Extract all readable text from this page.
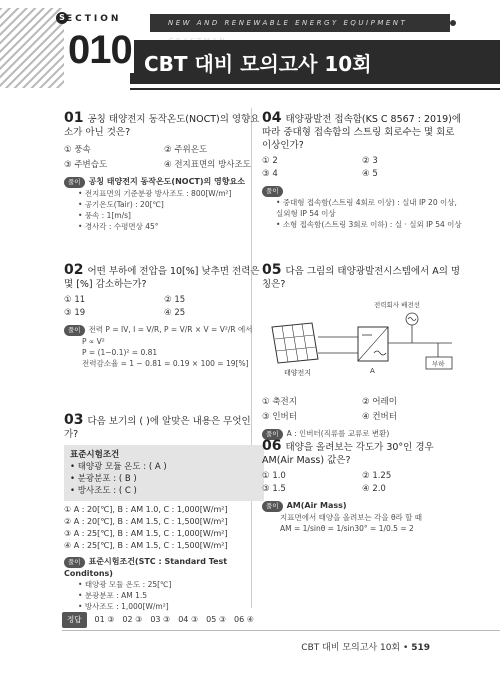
S ECTION	NEW AND RENEWABLE ENERGY EQUIPMENT
010 CBT 대비 모의고사 10회
01 공칭 태양전지 동작온도(NOCT)의 영향요소가 아닌 것은?
① 풍속	② 주위온도
③ 주변습도	④ 전지표면의 방사조도
풀이 공칭 태양전지 동작온도(NOCT)의 영향요소
• 전지표면의 기준분광 방사조도 : 800[W/m²]
• 공기온도(Tair) : 20[℃]
• 풍속 : 1[m/s]
• 경사각 : 수평면상 45°
02 어떤 부하에 전압을 10[%] 낮추면 전력은 몇 [%] 감소하는가?
① 11	② 15
③ 19	④ 25
풀이 전력 P = IV, I = V/R, P = V/R × V = V²/R 에서
P ∝ V²
P = (1−0.1)² = 0.81
전력감소율 = 1 − 0.81 = 0.19 × 100 = 19[%]
03 다음 보기의 ( )에 알맞은 내용은 무엇인가?
표준시험조건
• 태양광 모듈 온도 : ( A )
• 분광분포 : ( B )
• 방사조도 : ( C )
① A : 20[℃], B : AM 1.0, C : 1,000[W/m²]
② A : 20[℃], B : AM 1.5, C : 1,500[W/m²]
③ A : 25[℃], B : AM 1.5, C : 1,000[W/m²]
④ A : 25[℃], B : AM 1.5, C : 1,500[W/m²]
풀이 표준시험조건(STC : Standard Test Conditons)
• 태양광 모듈 온도 : 25[℃]
• 분광분포 : AM 1.5
• 방사조도 : 1,000[W/m²]
04 태양광발전 접속함(KS C 8567 : 2019)에 따라 중대형 접속함의 스트링 회로수는 몇 회로 이상인가?
① 2	② 3
③ 4	④ 5
풀이
• 중대형 접속함(스트링 4회로 이상) : 실내 IP 20 이상, 실외형 IP 54 이상
• 소형 접속함(스트링 3회로 이하) : 실 · 실외 IP 54 이상
05 다음 그림의 태양광발전시스템에서 A의 명칭은?
태양전지	A
전력회사 배전선
부하
① 축전지	② 어레이
③ 인버터	④ 컨버터
풀이 A : 인버터(직류를 교류로 변환)
06 태양을 올려보는 각도가 30°인 경우 AM(Air Mass) 값은?
① 1.0	② 1.25
③ 1.5	④ 2.0
풀이 AM(Air Mass)
지표면에서 태양을 올려보는 각을 θ라 할 때
AM = 1/sinθ = 1/sin30° = 1/0.5 = 2
정답	01 ③ 02 ③ 03 ③ 04 ③ 05 ③ 06 ④
CBT 대비 모의고사 10회 • 519
